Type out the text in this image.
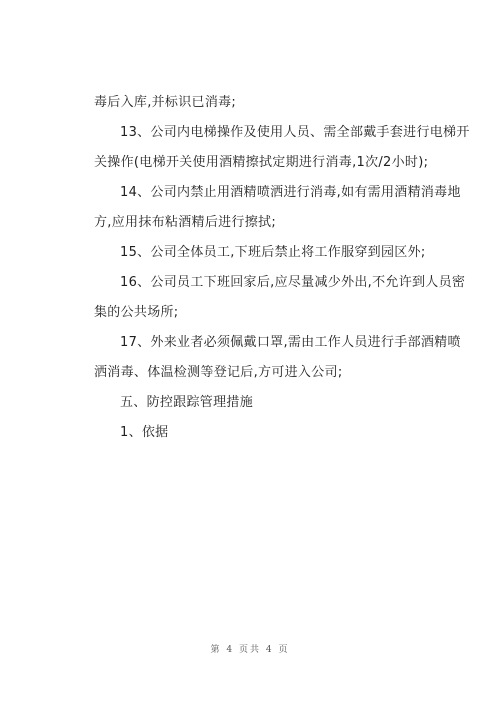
毒后入库,并标识已消毒;
13、公司内电梯操作及使用人员、需全部戴手套进行电梯开
关操作(电梯开关使用酒精擦拭定期进行消毒,1次/2小时);
14、公司内禁止用酒精喷洒进行消毒,如有需用酒精消毒地
方,应用抹布粘酒精后进行擦拭;
15、公司全体员工,下班后禁止将工作服穿到园区外;
16、公司员工下班回家后,应尽量减少外出,不允许到人员密
集的公共场所;
17、外来业者必须佩戴口罩,需由工作人员进行手部酒精喷
洒消毒、体温检测等登记后,方可进入公司;
五、防控跟踪管理措施
1、依据
第 4 页共 4 页
